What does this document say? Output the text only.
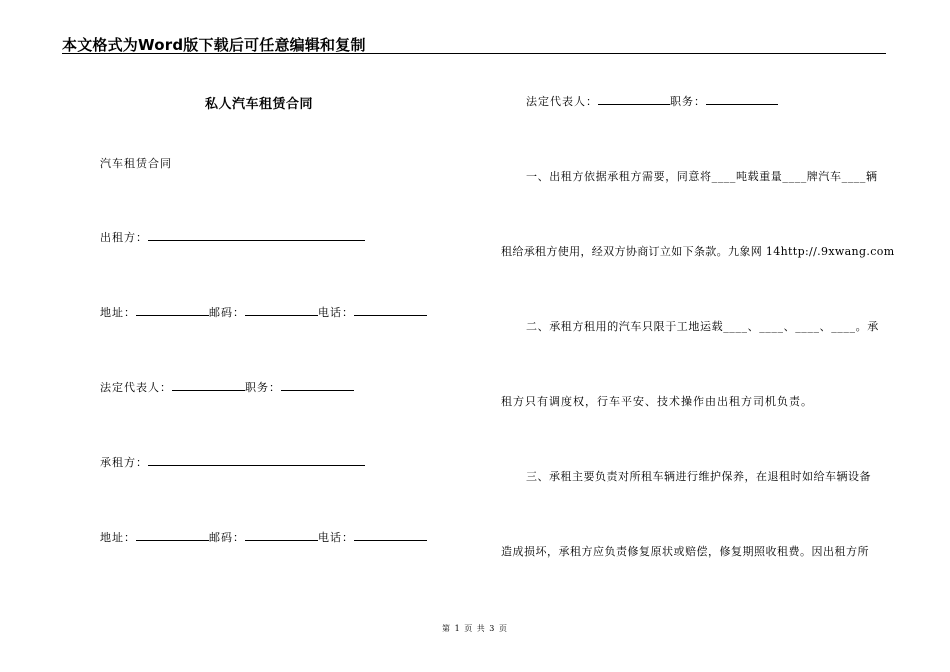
本文格式为Word版下载后可任意编辑和复制
私人汽车租赁合同
汽车租赁合同
出租方：
地址：	邮码：	电话：
法定代表人：	职务：
承租方：
地址：	邮码：	电话：
法定代表人：	职务：
一、出租方依据承租方需要，同意将____吨载重量____牌汽车____辆
租给承租方使用，经双方协商订立如下条款。九象网 14http://.9xwang.com
二、承租方租用的汽车只限于工地运载____、____、____、____。承
租方只有调度权，行车平安、技术操作由出租方司机负责。
三、承租主要负责对所租车辆进行维护保养，在退租时如给车辆设备
造成损坏，承租方应负责修复原状或赔偿，修复期照收租费。因出租方所
第 1 页 共 3 页
